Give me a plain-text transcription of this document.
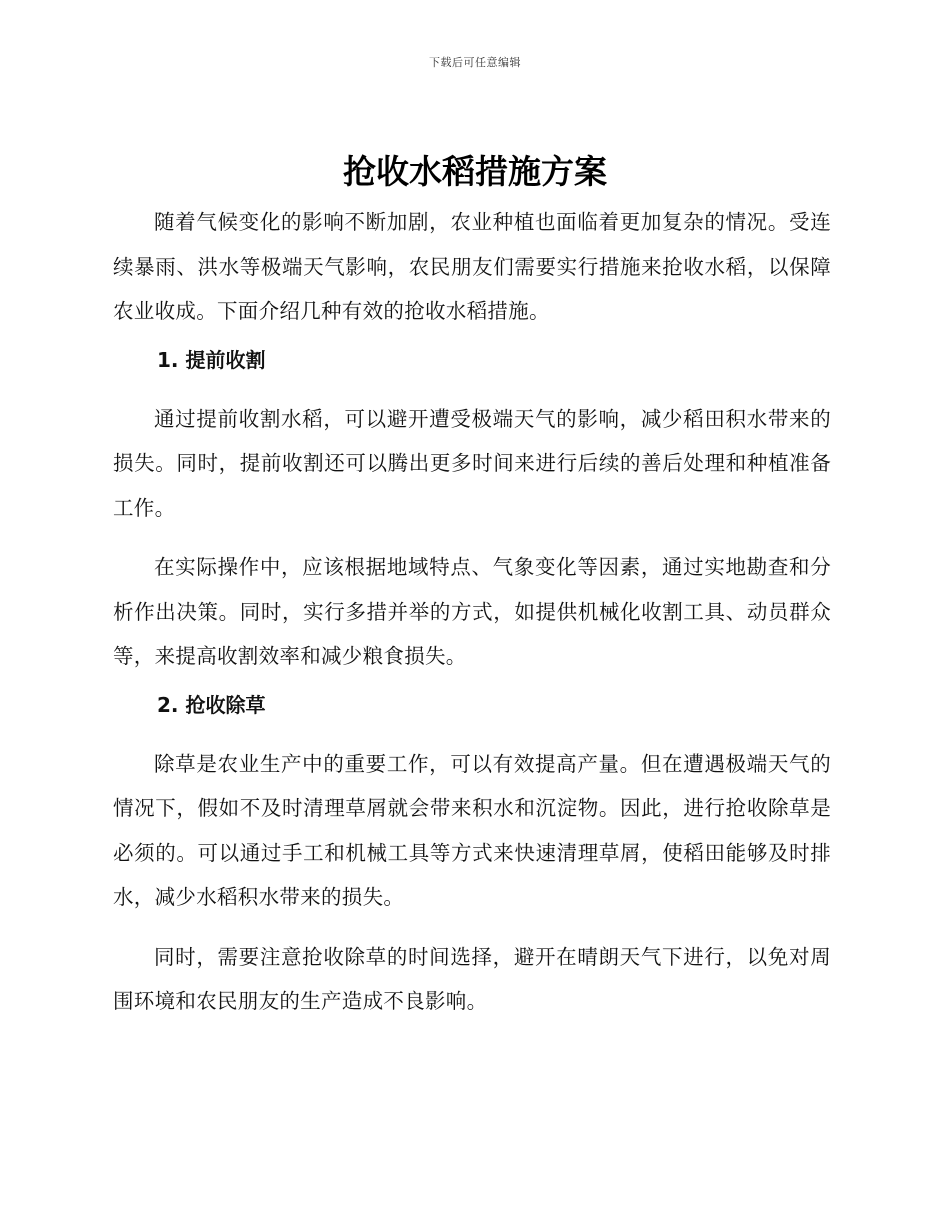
下载后可任意编辑
抢收水稻措施方案

随着气候变化的影响不断加剧，农业种植也面临着更加复杂的情况。受连续暴雨、洪水等极端天气影响，农民朋友们需要实行措施来抢收水稻，以保障农业收成。下面介绍几种有效的抢收水稻措施。

1. 提前收割

通过提前收割水稻，可以避开遭受极端天气的影响，减少稻田积水带来的损失。同时，提前收割还可以腾出更多时间来进行后续的善后处理和种植准备工作。

在实际操作中，应该根据地域特点、气象变化等因素，通过实地勘查和分析作出决策。同时，实行多措并举的方式，如提供机械化收割工具、动员群众等，来提高收割效率和减少粮食损失。

2. 抢收除草

除草是农业生产中的重要工作，可以有效提高产量。但在遭遇极端天气的情况下，假如不及时清理草屑就会带来积水和沉淀物。因此，进行抢收除草是必须的。可以通过手工和机械工具等方式来快速清理草屑，使稻田能够及时排水，减少水稻积水带来的损失。

同时，需要注意抢收除草的时间选择，避开在晴朗天气下进行，以免对周围环境和农民朋友的生产造成不良影响。
